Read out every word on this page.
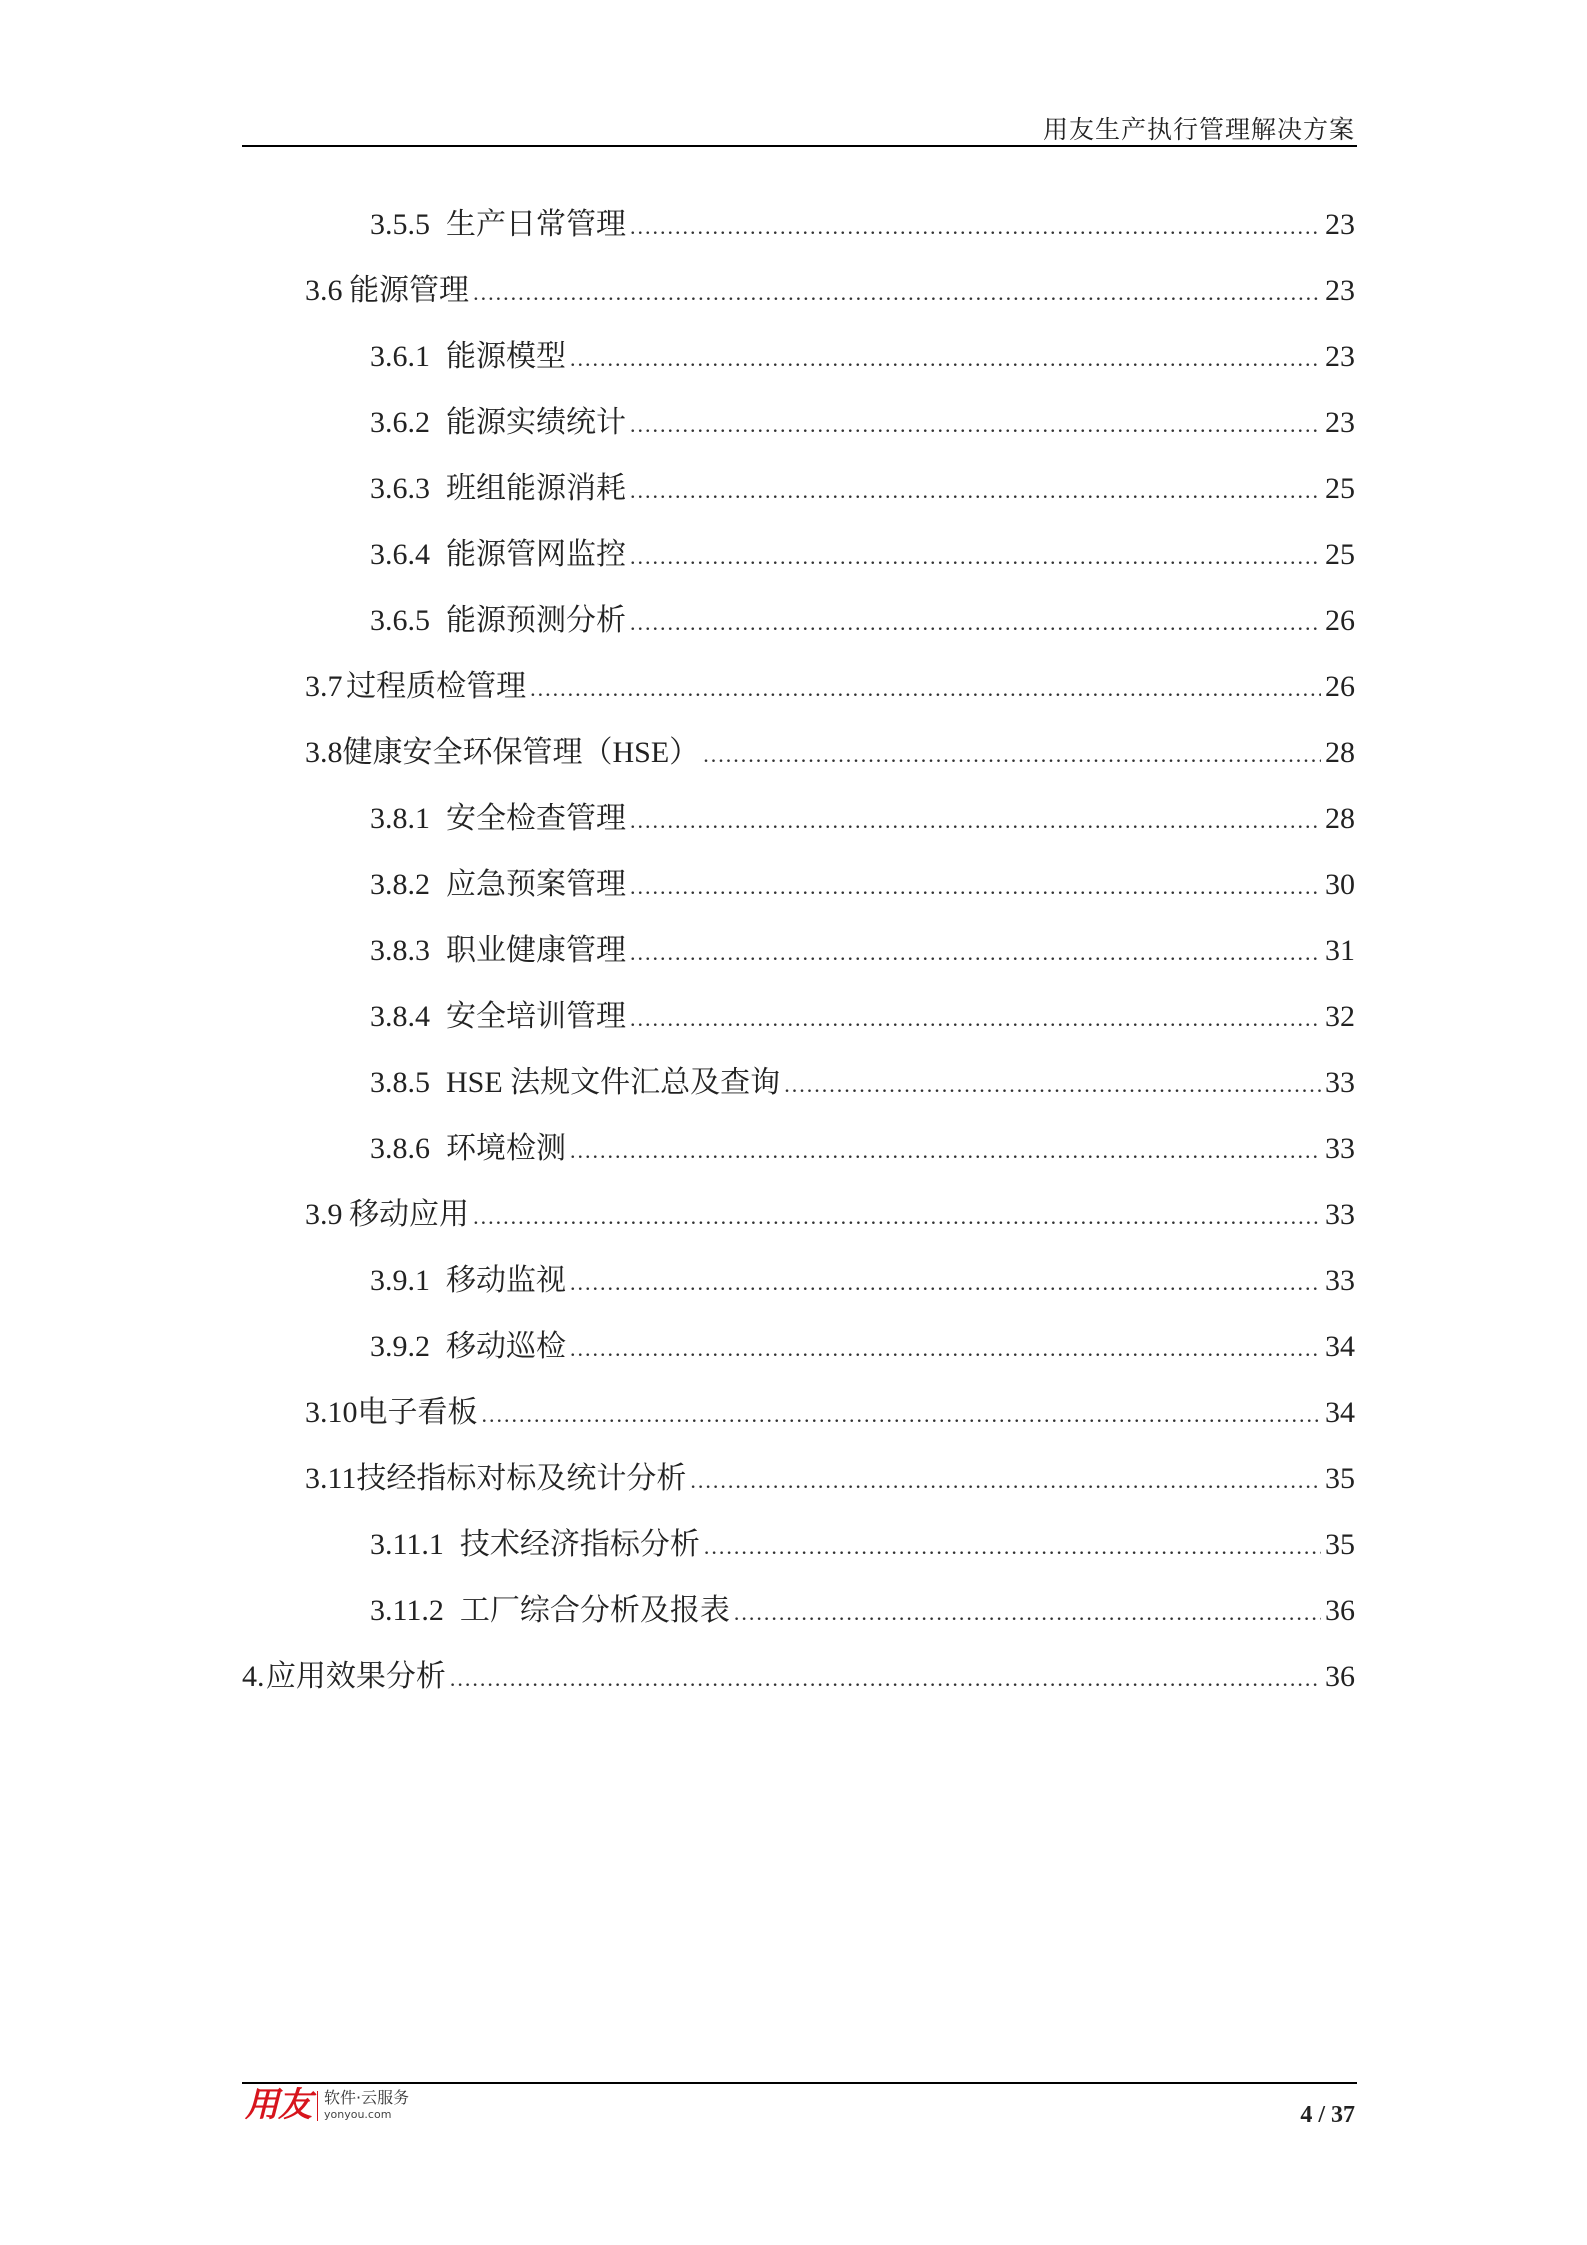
用友生产执行管理解决方案
3.5.5 生产日常管理 .....	23
3.6 能源管理 .....	23
3.6.1 能源模型 .....	23
3.6.2 能源实绩统计 .....	23
3.6.3 班组能源消耗 .....	25
3.6.4 能源管网监控 .....	25
3.6.5 能源预测分析 .....	26
3.7 过程质检管理 .....	26
3.8 健康安全环保管理（HSE） .....	28
3.8.1 安全检查管理 .....	28
3.8.2 应急预案管理 .....	30
3.8.3 职业健康管理 .....	31
3.8.4 安全培训管理 .....	32
3.8.5 HSE 法规文件汇总及查询 .....	33
3.8.6 环境检测 .....	33
3.9 移动应用 .....	33
3.9.1 移动监视 .....	33
3.9.2 移动巡检 .....	34
3.10 电子看板 .....	34
3.11 技经指标对标及统计分析 .....	35
3.11.1 技术经济指标分析 .....	35
3.11.2 工厂综合分析及报表 .....	36
4. 应用效果分析 .....	36
用友 软件·云服务
yonyou.com	4 / 37
